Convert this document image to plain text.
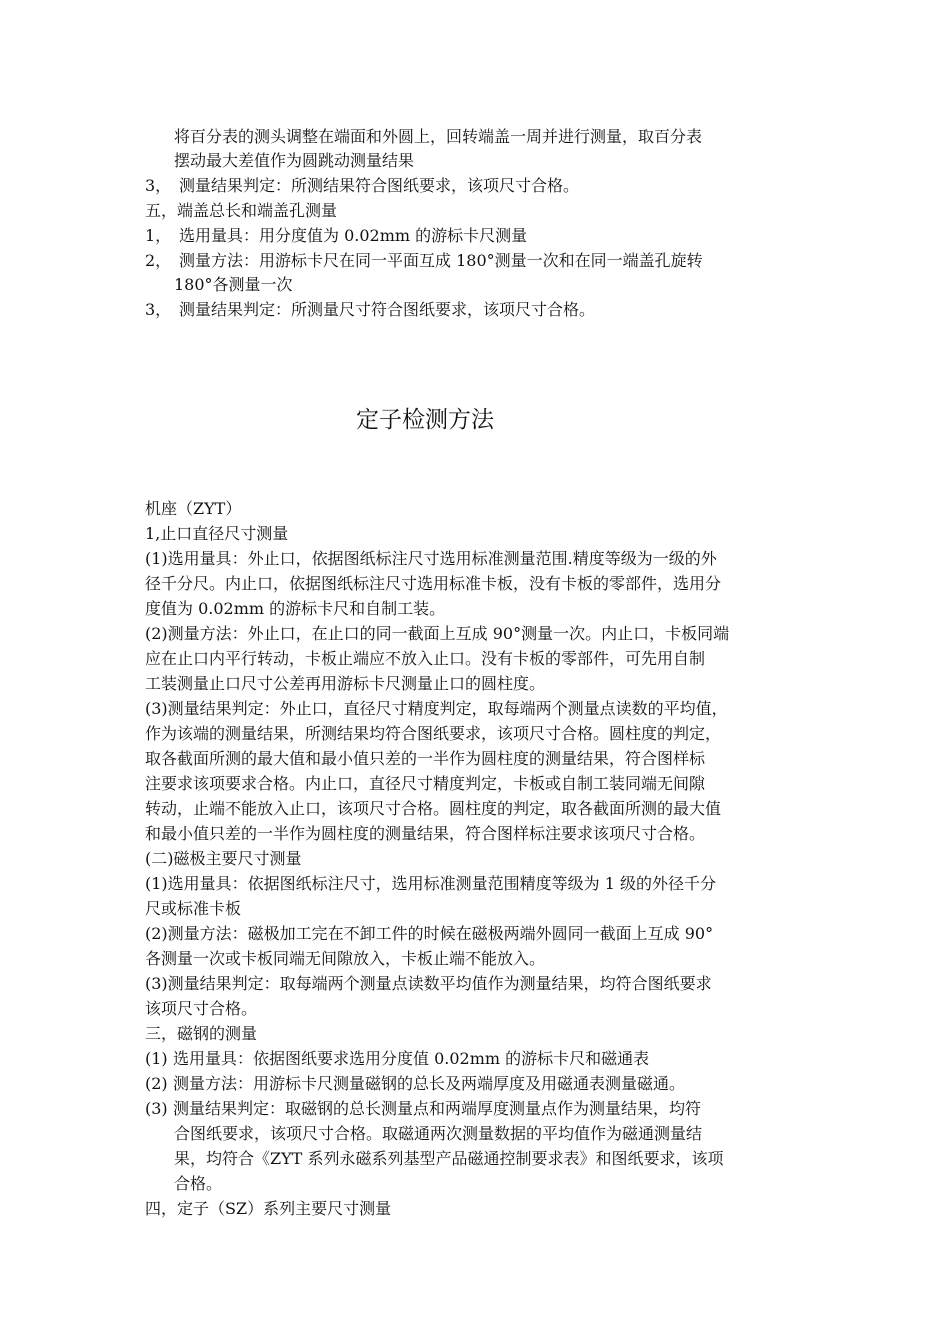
将百分表的测头调整在端面和外圆上，回转端盖一周并进行测量，取百分表
摆动最大差值作为圆跳动测量结果
3， 测量结果判定：所测结果符合图纸要求，该项尺寸合格。
五，端盖总长和端盖孔测量
1， 选用量具：用分度值为 0.02mm 的游标卡尺测量
2， 测量方法：用游标卡尺在同一平面互成 180°测量一次和在同一端盖孔旋转
180°各测量一次
3， 测量结果判定：所测量尺寸符合图纸要求，该项尺寸合格。
定子检测方法
机座（ZYT）
1,止口直径尺寸测量
(1)选用量具：外止口，依据图纸标注尺寸选用标准测量范围.精度等级为一级的外
径千分尺。内止口，依据图纸标注尺寸选用标准卡板，没有卡板的零部件，选用分
度值为 0.02mm 的游标卡尺和自制工装。
(2)测量方法：外止口，在止口的同一截面上互成 90°测量一次。内止口，卡板同端
应在止口内平行转动，卡板止端应不放入止口。没有卡板的零部件，可先用自制
工装测量止口尺寸公差再用游标卡尺测量止口的圆柱度。
(3)测量结果判定：外止口，直径尺寸精度判定，取每端两个测量点读数的平均值，
作为该端的测量结果，所测结果均符合图纸要求，该项尺寸合格。圆柱度的判定，
取各截面所测的最大值和最小值只差的一半作为圆柱度的测量结果，符合图样标
注要求该项要求合格。内止口，直径尺寸精度判定，卡板或自制工装同端无间隙
转动，止端不能放入止口，该项尺寸合格。圆柱度的判定，取各截面所测的最大值
和最小值只差的一半作为圆柱度的测量结果，符合图样标注要求该项尺寸合格。
(二)磁极主要尺寸测量
(1)选用量具：依据图纸标注尺寸，选用标准测量范围精度等级为 1 级的外径千分
尺或标准卡板
(2)测量方法：磁极加工完在不卸工件的时候在磁极两端外圆同一截面上互成 90°
各测量一次或卡板同端无间隙放入，卡板止端不能放入。
(3)测量结果判定：取每端两个测量点读数平均值作为测量结果，均符合图纸要求
该项尺寸合格。
三，磁钢的测量
(1) 选用量具：依据图纸要求选用分度值 0.02mm 的游标卡尺和磁通表
(2) 测量方法：用游标卡尺测量磁钢的总长及两端厚度及用磁通表测量磁通。
(3) 测量结果判定：取磁钢的总长测量点和两端厚度测量点作为测量结果，均符
合图纸要求，该项尺寸合格。取磁通两次测量数据的平均值作为磁通测量结
果，均符合《ZYT 系列永磁系列基型产品磁通控制要求表》和图纸要求，该项
合格。
四，定子（SZ）系列主要尺寸测量
